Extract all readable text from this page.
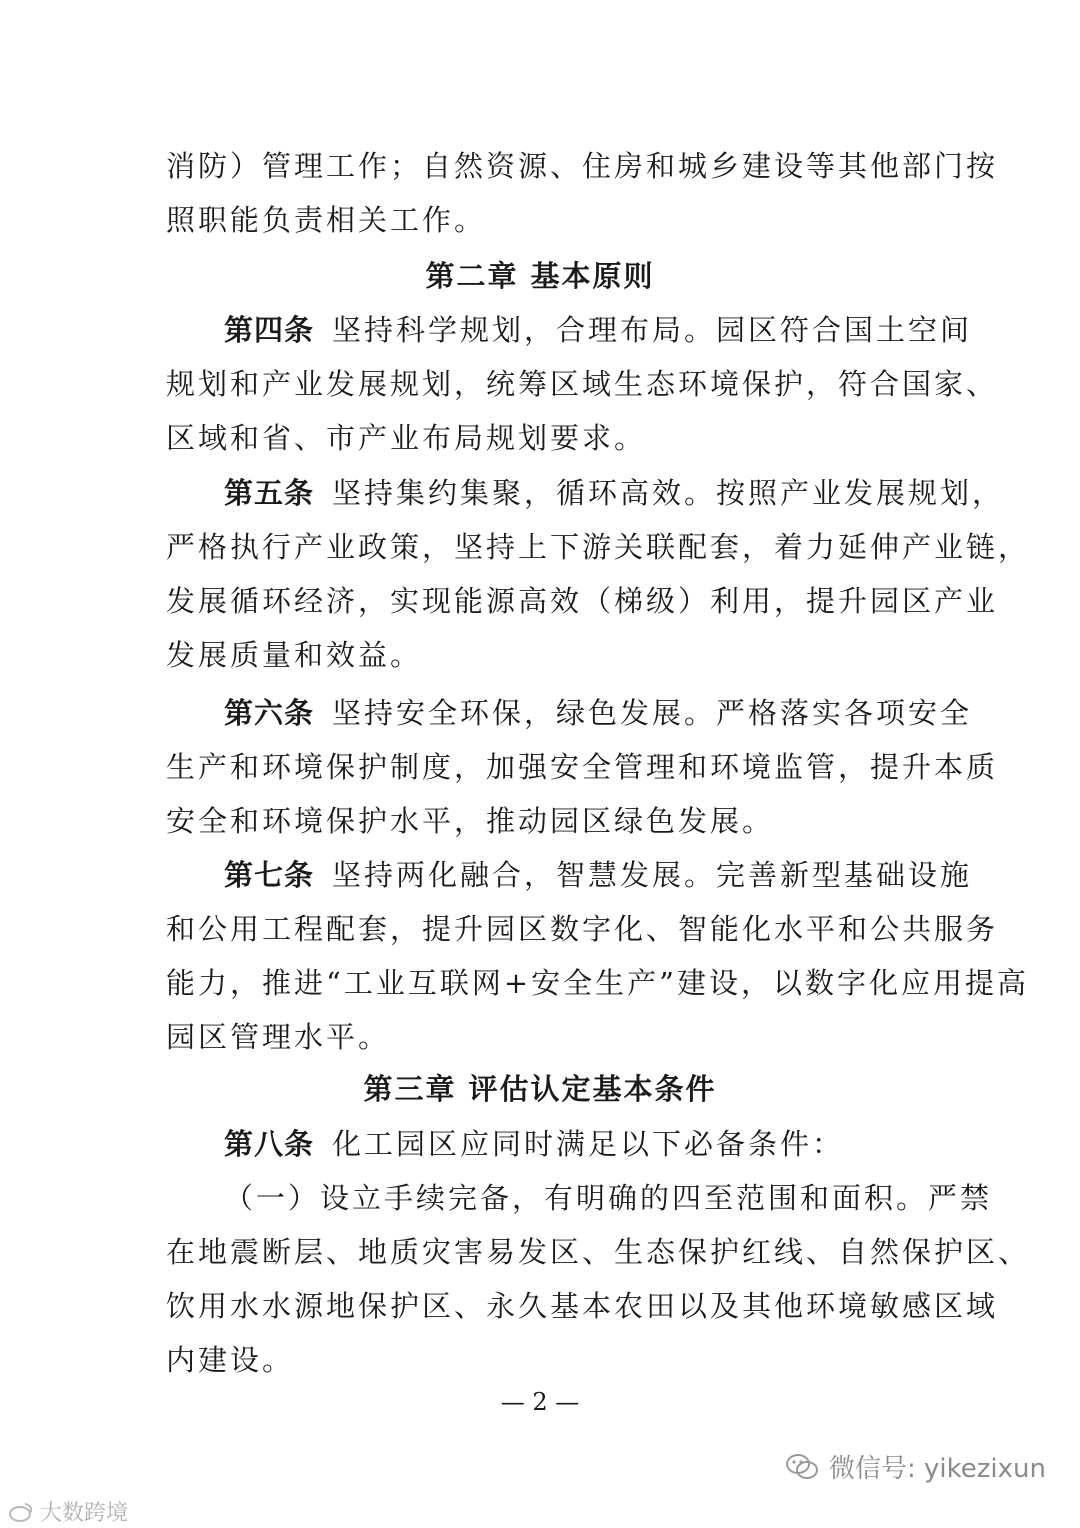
消防）管理工作；自然资源、住房和城乡建设等其他部门按
照职能负责相关工作。
第二章 基本原则
第四条 坚持科学规划，合理布局。园区符合国土空间
规划和产业发展规划，统筹区域生态环境保护，符合国家、
区域和省、市产业布局规划要求。
第五条 坚持集约集聚，循环高效。按照产业发展规划，
严格执行产业政策，坚持上下游关联配套，着力延伸产业链，
发展循环经济，实现能源高效（梯级）利用，提升园区产业
发展质量和效益。
第六条 坚持安全环保，绿色发展。严格落实各项安全
生产和环境保护制度，加强安全管理和环境监管，提升本质
安全和环境保护水平，推动园区绿色发展。
第七条 坚持两化融合，智慧发展。完善新型基础设施
和公用工程配套，提升园区数字化、智能化水平和公共服务
能力，推进“工业互联网+安全生产”建设，以数字化应用提高
园区管理水平。
第三章 评估认定基本条件
第八条 化工园区应同时满足以下必备条件：
（一）设立手续完备，有明确的四至范围和面积。严禁
在地震断层、地质灾害易发区、生态保护红线、自然保护区、
饮用水水源地保护区、永久基本农田以及其他环境敏感区域
内建设。
— 2 —
微信号: yikezixun
大数跨境
